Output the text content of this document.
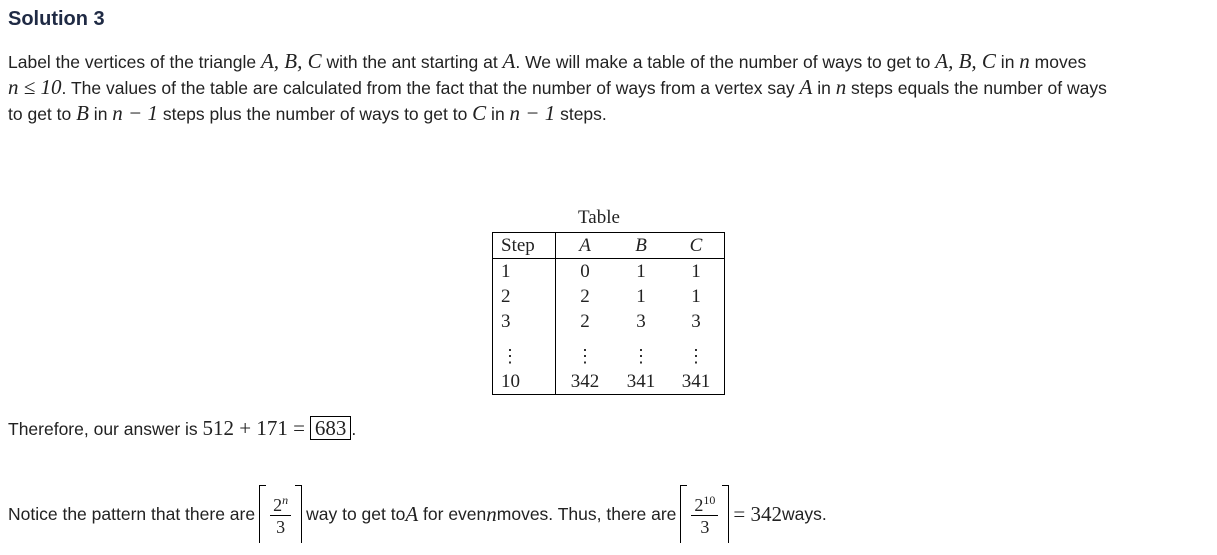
Solution 3
Label the vertices of the triangle A, B, C with the ant starting at A. We will make a table of the number of ways to get to A, B, C in n moves
n ≤ 10. The values of the table are calculated from the fact that the number of ways from a vertex say A in n steps equals the number of ways
to get to B in n − 1 steps plus the number of ways to get to C in n − 1 steps.
Table
Step	A	B	C
1	0	1	1
2	2	1	1
3	2	3	3

⋮	⋮	⋮	⋮
10	342	341	341
Therefore, our answer is 512 + 171 = 683 .
Notice the pattern that there are $\frac{2^n}{3}$ way to get to A
for even n moves. Thus, there are $\frac{2^{10}}{3} = 342$ ways.
